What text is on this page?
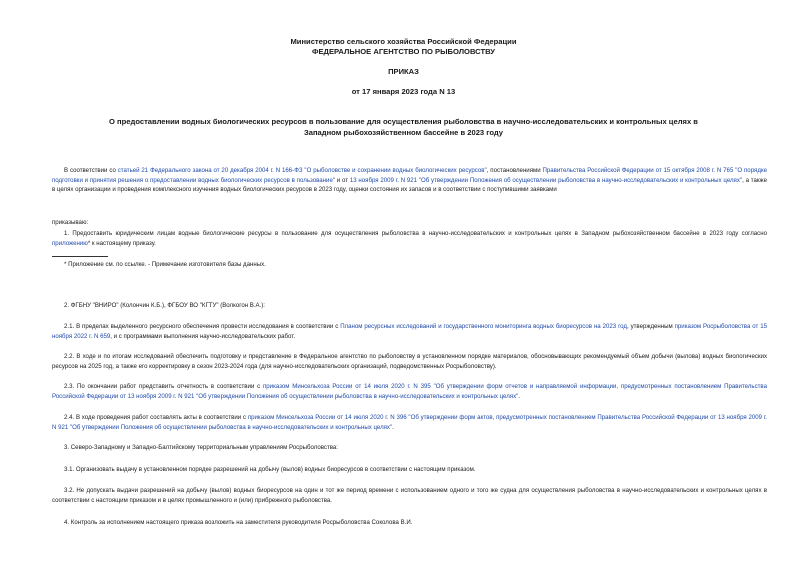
Министерство сельского хозяйства Российской Федерации
ФЕДЕРАЛЬНОЕ АГЕНТСТВО ПО РЫБОЛОВСТВУ
ПРИКАЗ
от 17 января 2023 года N 13
О предоставлении водных биологических ресурсов в пользование для осуществления рыболовства в научно-исследовательских и контрольных целях в Западном рыбохозяйственном бассейне в 2023 году
В соответствии со статьей 21 Федерального закона от 20 декабря 2004 г. N 166-ФЗ "О рыболовстве и сохранении водных биологических ресурсов", постановлениями Правительства Российской Федерации от 15 октября 2008 г. N 765 "О порядке подготовки и принятия решения о предоставлении водных биологических ресурсов в пользование" и от 13 ноября 2009 г. N 921 "Об утверждении Положения об осуществлении рыболовства в научно-исследовательских и контрольных целях", а также в целях организации и проведения комплексного изучения водных биологических ресурсов в 2023 году, оценки состояния их запасов и в соответствии с поступившими заявками
приказываю:
1. Предоставить юридическим лицам водные биологические ресурсы в пользование для осуществления рыболовства в научно-исследовательских и контрольных целях в Западном рыбохозяйственном бассейне в 2023 году согласно приложению* к настоящему приказу.
* Приложение см. по ссылке. - Примечание изготовителя базы данных.
2. ФГБНУ "ВНИРО" (Колончин К.Б.), ФГБОУ ВО "КГТУ" (Волкогон В.А.):
2.1. В пределах выделенного ресурсного обеспечения провести исследования в соответствии с Планом ресурсных исследований и государственного мониторинга водных биоресурсов на 2023 год, утвержденным приказом Росрыболовства от 15 ноября 2022 г. N 659, и с программами выполнения научно-исследовательских работ.
2.2. В ходе и по итогам исследований обеспечить подготовку и представление в Федеральное агентство по рыболовству в установленном порядке материалов, обосновывающих рекомендуемый объем добычи (вылова) водных биологических ресурсов на 2025 год, а также его корректировку в сезон 2023-2024 года (для научно-исследовательских организаций, подведомственных Росрыболовству).
2.3. По окончании работ представить отчетность в соответствии с приказом Минсельхоза России от 14 июля 2020 г. N 395 "Об утверждении форм отчетов и направляемой информации, предусмотренных постановлением Правительства Российской Федерации от 13 ноября 2009 г. N 921 "Об утверждении Положения об осуществлении рыболовства в научно-исследовательских и контрольных целях".
2.4. В ходе проведения работ составлять акты в соответствии с приказом Минсельхоза России от 14 июля 2020 г. N 396 "Об утверждении форм актов, предусмотренных постановлением Правительства Российской Федерации от 13 ноября 2009 г. N 921 "Об утверждении Положения об осуществлении рыболовства в научно-исследовательских и контрольных целях".
3. Северо-Западному и Западно-Балтийскому территориальным управлениям Росрыболовства:
3.1. Организовать выдачу в установленном порядке разрешений на добычу (вылов) водных биоресурсов в соответствии с настоящим приказом.
3.2. Не допускать выдачи разрешений на добычу (вылов) водных биоресурсов на один и тот же период времени с использованием одного и того же судна для осуществления рыболовства в научно-исследовательских и контрольных целях в соответствии с настоящим приказом и в целях промышленного и (или) прибрежного рыболовства.
4. Контроль за исполнением настоящего приказа возложить на заместителя руководителя Росрыболовства Соколова В.И.
